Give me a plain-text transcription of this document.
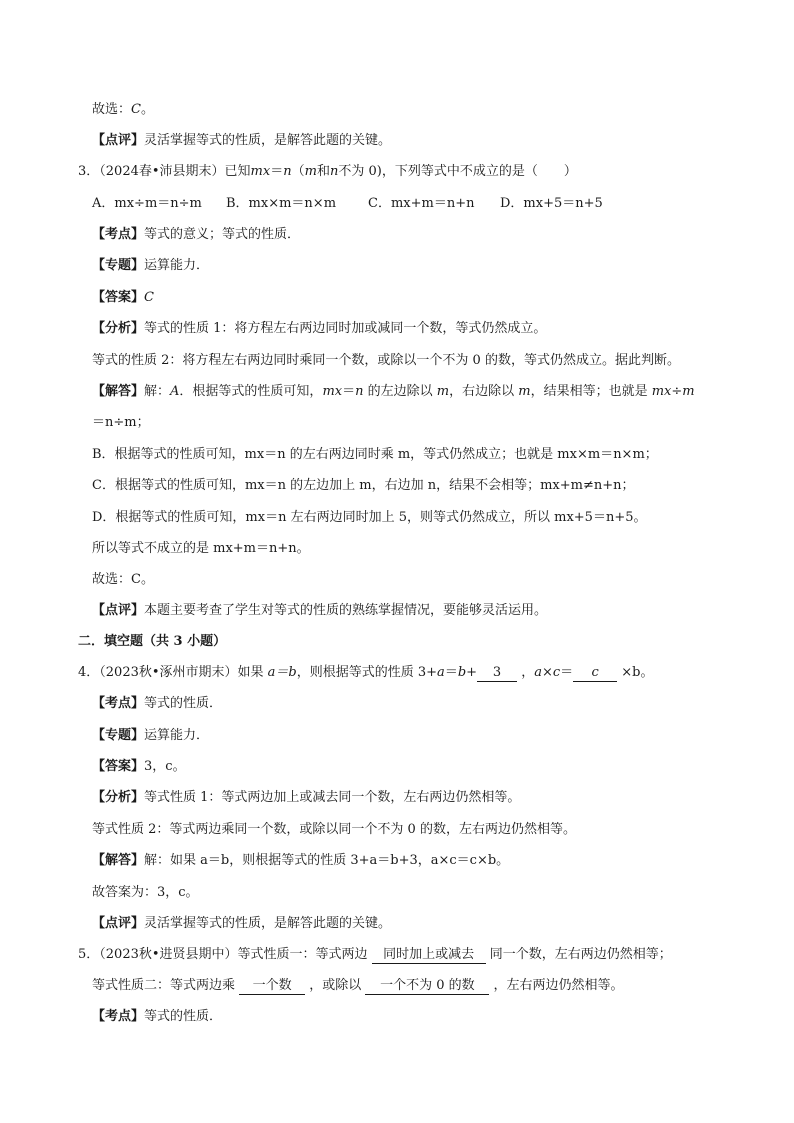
故选：C。
【点评】灵活掌握等式的性质，是解答此题的关键。
3．（2024春•沛县期末）已知mx＝n（m和n不为 0)，下列等式中不成立的是（　　）
A．mx÷m＝n÷m B．mx×m＝n×m C．mx+m＝n+n D．mx+5＝n+5
【考点】等式的意义；等式的性质．
【专题】运算能力．
【答案】C
【分析】等式的性质 1：将方程左右两边同时加或减同一个数，等式仍然成立。
等式的性质 2：将方程左右两边同时乘同一个数，或除以一个不为 0 的数，等式仍然成立。据此判断。
【解答】解：A．根据等式的性质可知，mx＝n 的左边除以 m，右边除以 m，结果相等；也就是 mx÷m
＝n÷m；
B．根据等式的性质可知，mx＝n 的左右两边同时乘 m，等式仍然成立；也就是 mx×m＝n×m；
C．根据等式的性质可知，mx＝n 的左边加上 m，右边加 n，结果不会相等；mx+m≠n+n；
D．根据等式的性质可知，mx＝n 左右两边同时加上 5，则等式仍然成立，所以 mx+5＝n+5。
所以等式不成立的是 mx+m＝n+n。
故选：C。
【点评】本题主要考查了学生对等式的性质的熟练掌握情况，要能够灵活运用。
二．填空题（共 3 小题）
4．（2023秋•涿州市期末）如果 a＝b，则根据等式的性质 3+a＝b+ 3 ，a×c＝ c ×b。
【考点】等式的性质．
【专题】运算能力．
【答案】3，c。
【分析】等式性质 1：等式两边加上或减去同一个数，左右两边仍然相等。
等式性质 2：等式两边乘同一个数，或除以同一个不为 0 的数，左右两边仍然相等。
【解答】解：如果 a＝b，则根据等式的性质 3+a＝b+3，a×c＝c×b。
故答案为：3，c。
【点评】灵活掌握等式的性质，是解答此题的关键。
5．（2023秋•进贤县期中）等式性质一：等式两边 同时加上或减去 同一个数，左右两边仍然相等；
等式性质二：等式两边乘 一个数 ，或除以 一个不为 0 的数 ，左右两边仍然相等。
【考点】等式的性质．
